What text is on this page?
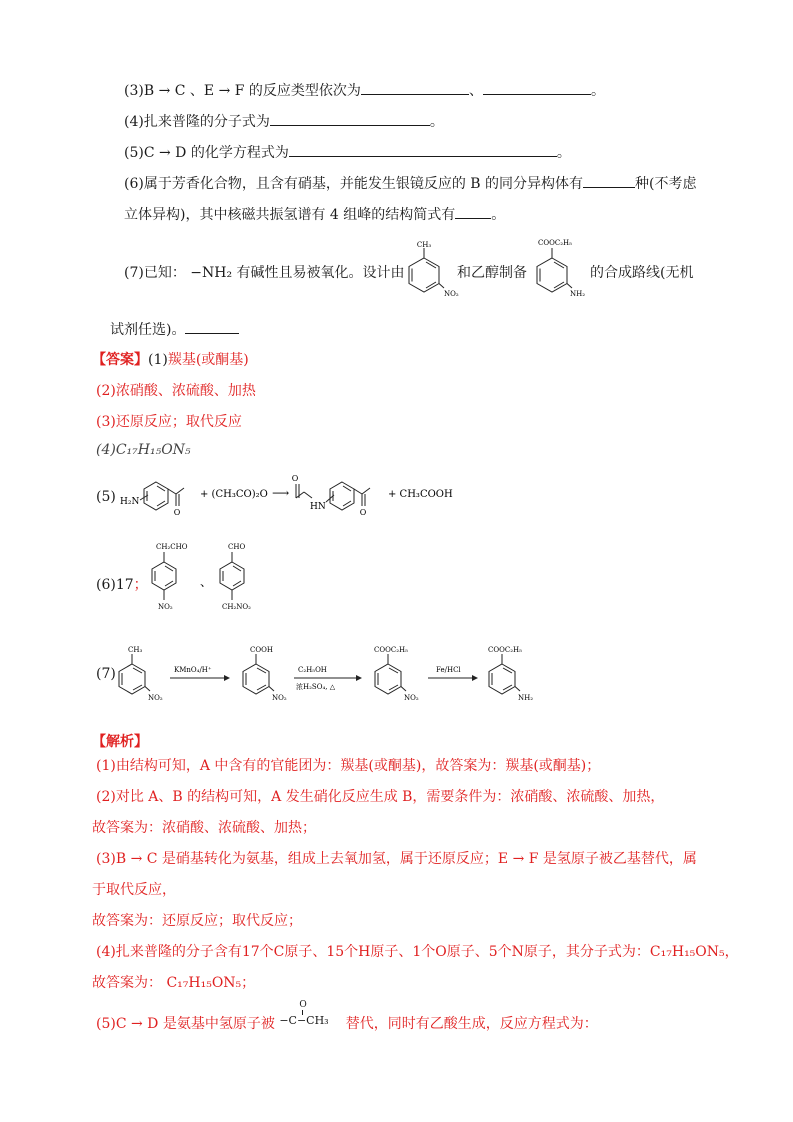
(3)B → C 、E → F 的反应类型依次为	、	。
(4)扎来普隆的分子式为	。
(5)C → D 的化学方程式为	。
(6)属于芳香化合物，且含有硝基，并能发生银镜反应的 B 的同分异构体有	种(不考虑
立体异构)，其中核磁共振氢谱有 4 组峰的结构简式有	。
(7)已知： −NH₂ 有碱性且易被氧化。设计由
CH₃
NO₂
和乙醇制备
COOC₂H₅
NH₂
的合成路线(无机
试剂任选)。
【答案】(1)羰基(或酮基)
(2)浓硝酸、浓硫酸、加热
(3)还原反应；取代反应
(4)C₁₇H₁₅ON₅
(5) H₂N
O
+ (CH₃CO)₂O ⟶
O
HN
O
+ CH₃COOH
(6)17；
CH₂CHO
NO₂
、
CHO
CH₂NO₂
(7)
CH₃
NO₂
KMnO₄/H⁺
COOH
NO₂
C₂H₅OH
浓H₂SO₄, △
COOC₂H₅
NO₂
Fe/HCl
COOC₂H₅
NH₂
【解析】
(1)由结构可知，A 中含有的官能团为：羰基(或酮基)，故答案为：羰基(或酮基)；
(2)对比 A、B 的结构可知，A 发生硝化反应生成 B，需要条件为：浓硝酸、浓硫酸、加热，
故答案为：浓硝酸、浓硫酸、加热；
(3)B → C 是硝基转化为氨基，组成上去氧加氢，属于还原反应；E → F 是氢原子被乙基替代，属
于取代反应，
故答案为：还原反应；取代反应；
(4)扎来普隆的分子含有17个C原子、15个H原子、1个O原子、5个N原子，其分子式为：C₁₇H₁₅ON₅，
故答案为： C₁₇H₁₅ON₅；
(5)C → D 是氨基中氢原子被
O
−C−CH₃ 替代，同时有乙酸生成，反应方程式为：
